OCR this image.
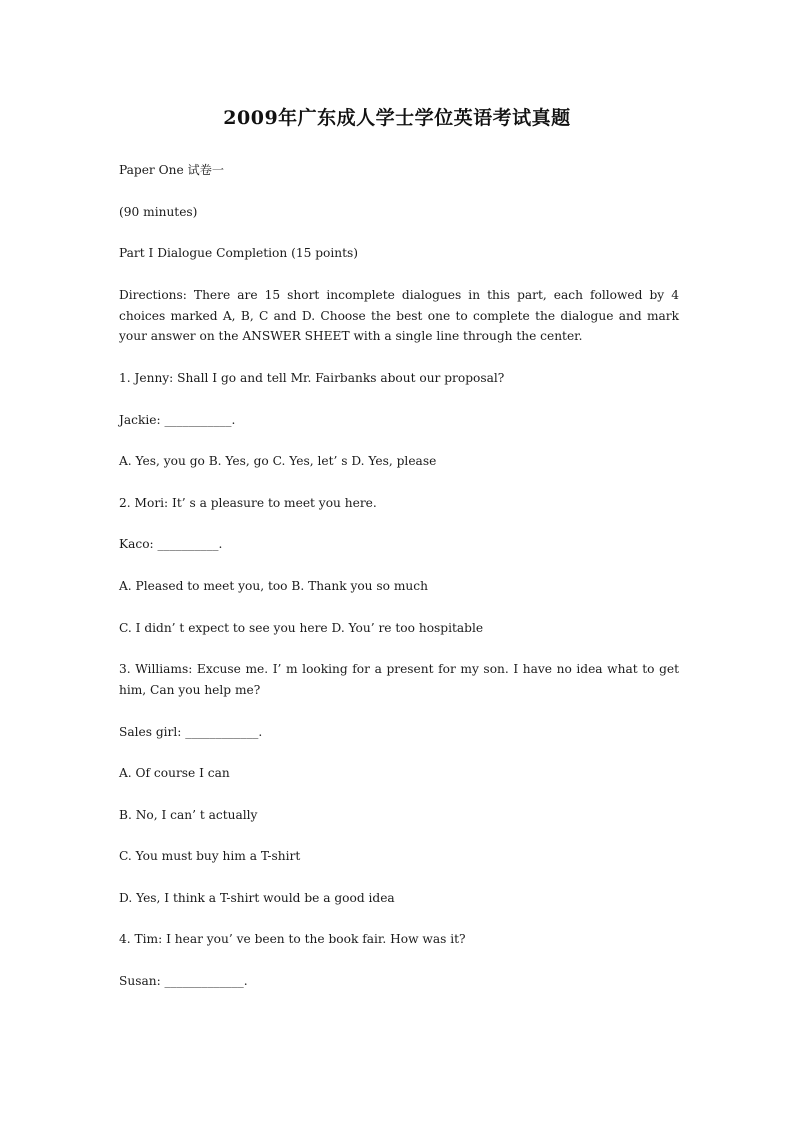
2009年广东成人学士学位英语考试真题

Paper One 试卷一

(90 minutes)

Part I Dialogue Completion (15 points)

Directions: There are 15 short incomplete dialogues in this part, each followed by 4 choices marked A, B, C and D. Choose the best one to complete the dialogue and mark your answer on the ANSWER SHEET with a single line through the center.

1. Jenny: Shall I go and tell Mr. Fairbanks about our proposal?

Jackie: ___________.

A. Yes, you go B. Yes, go C. Yes, let’ s D. Yes, please

2. Mori: It’ s a pleasure to meet you here.

Kaco: __________.

A. Pleased to meet you, too B. Thank you so much

C. I didn’ t expect to see you here D. You’ re too hospitable

3. Williams: Excuse me. I’ m looking for a present for my son. I have no idea what to get him, Can you help me?

Sales girl: ____________.

A. Of course I can

B. No, I can’ t actually

C. You must buy him a T-shirt

D. Yes, I think a T-shirt would be a good idea

4. Tim: I hear you’ ve been to the book fair. How was it?

Susan: _____________.
